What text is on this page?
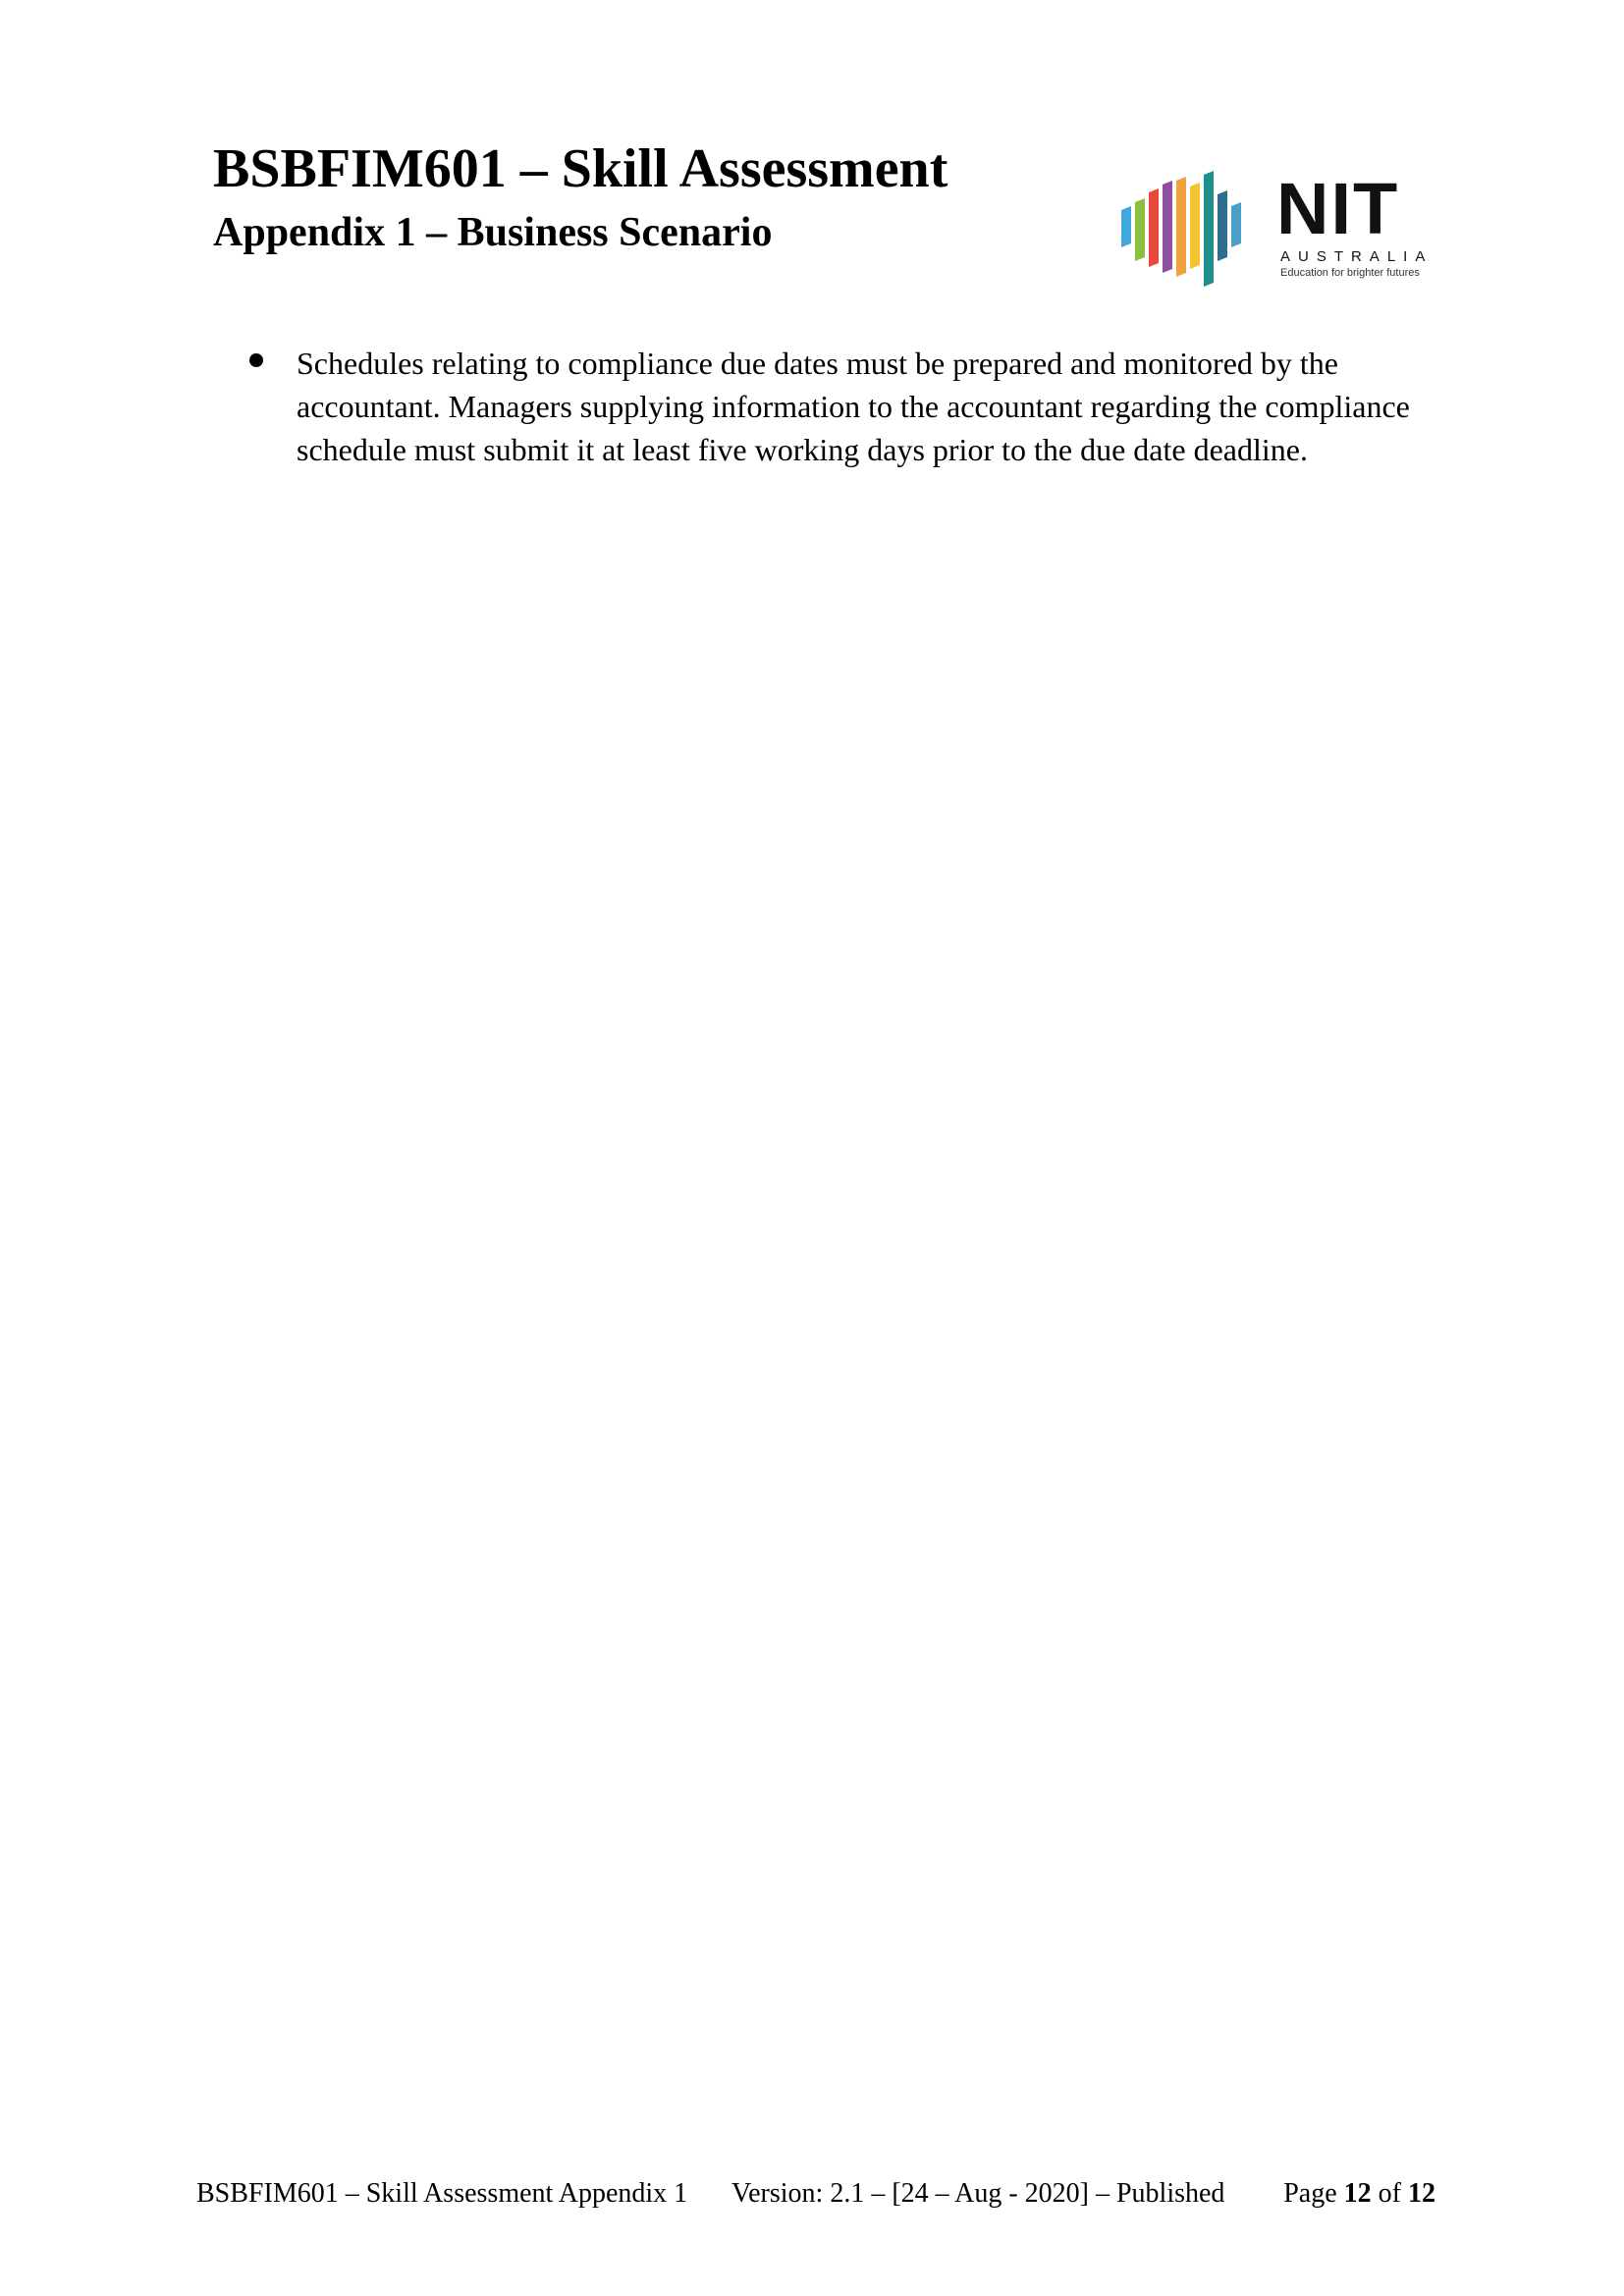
BSBFIM601 – Skill Assessment
Appendix 1 – Business Scenario	NIT
AUSTRALIA
Education for brighter futures
Schedules relating to compliance due dates must be prepared and monitored by the accountant. Managers supplying information to the accountant regarding the compliance schedule must submit it at least five working days prior to the due date deadline.
BSBFIM601 – Skill Assessment Appendix 1 Version: 2.1 – [24 – Aug - 2020] – Published Page 12 of 12
